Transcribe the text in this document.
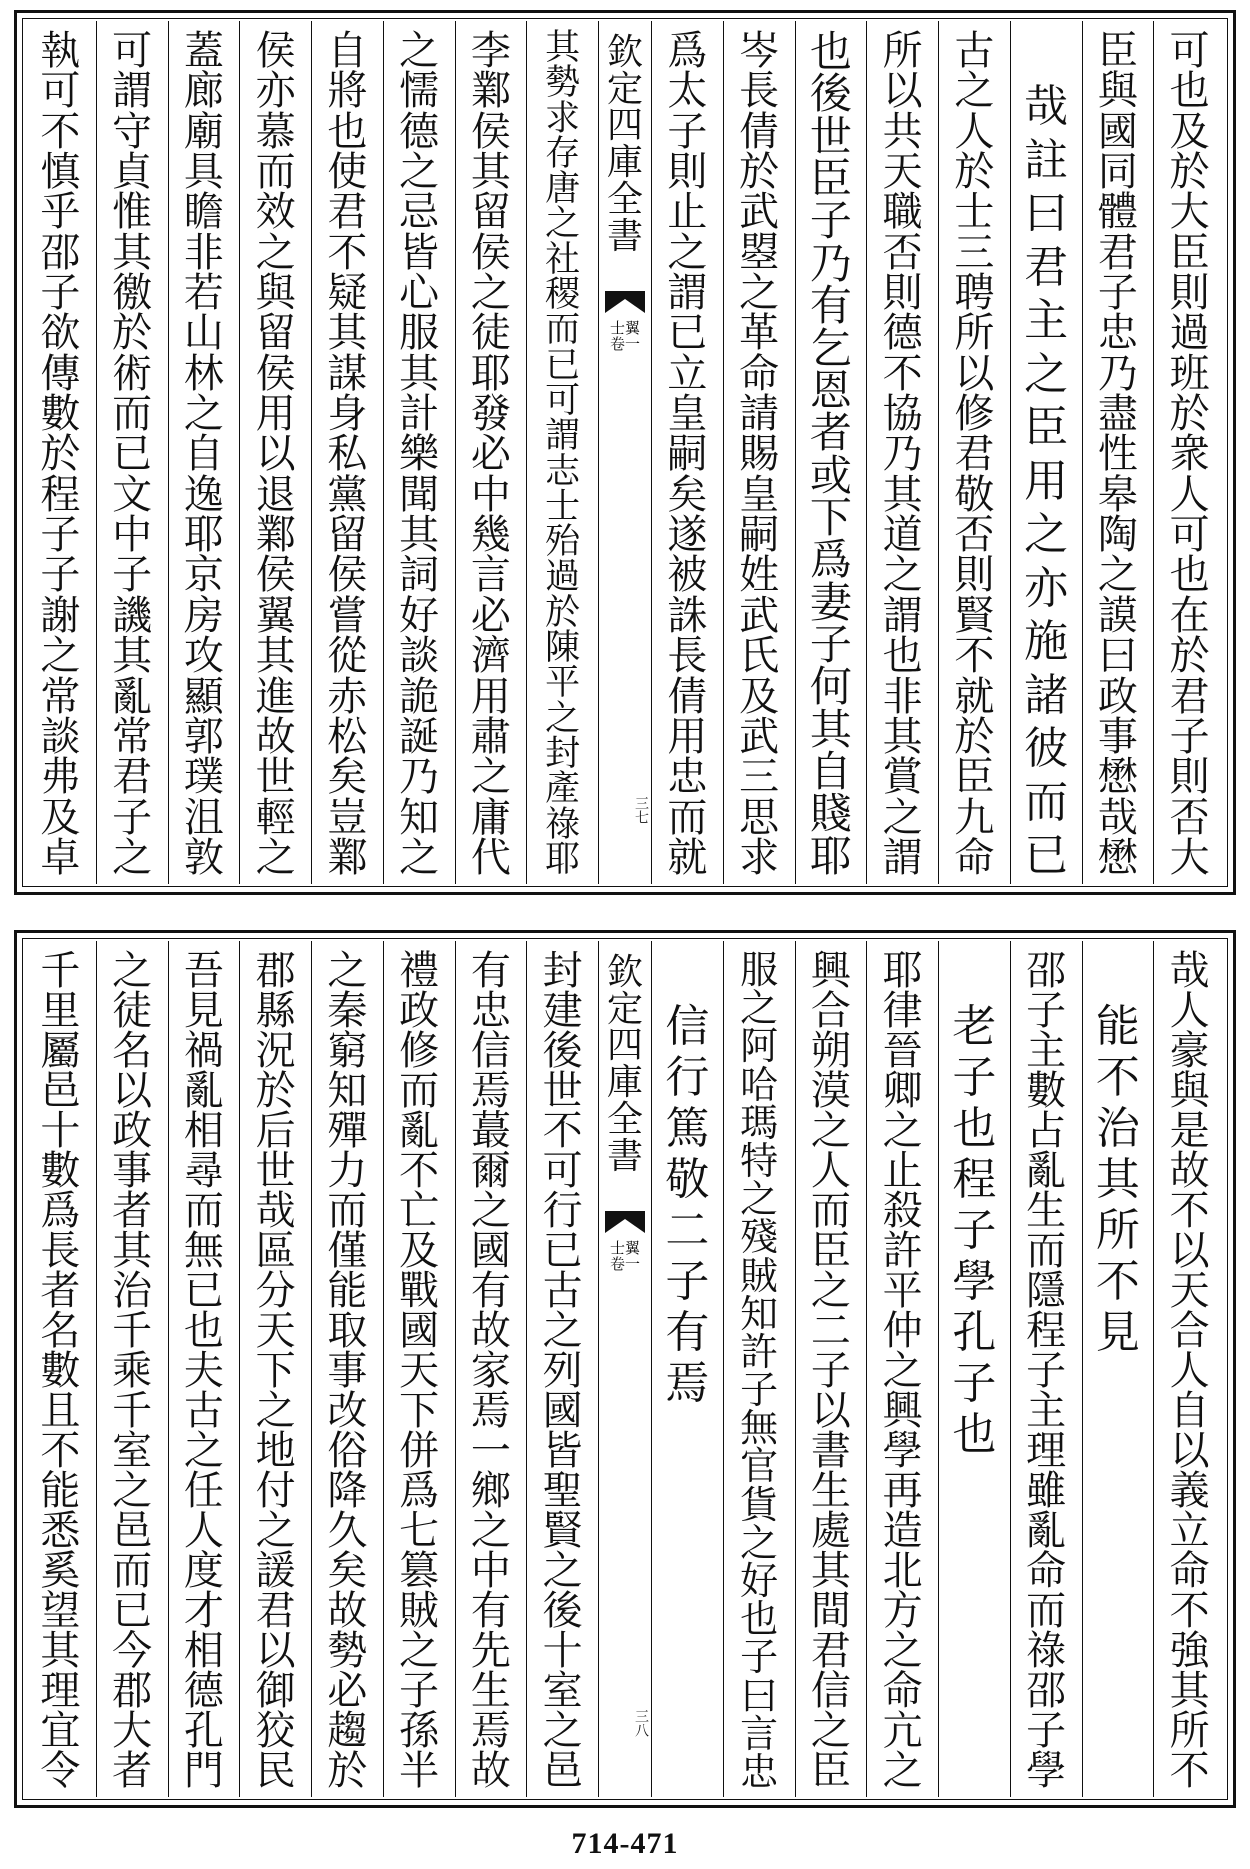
可
也
及
於
大
臣
則
過
班
於
衆
人
可
也
在
於
君
子
則
否
大
臣
與
國
同
體
君
子
忠
乃
盡
性
皋
陶
之
謨
曰
政
事
懋
哉
懋
哉
註
曰
君
主
之
臣
用
之
亦
施
諸
彼
而
已
古
之
人
於
士
三
聘
所
以
修
君
敬
否
則
賢
不
就
於
臣
九
命
所
以
共
天
職
否
則
德
不
協
乃
其
道
之
謂
也
非
其
賞
之
謂
也
後
世
臣
子
乃
有
乞
恩
者
或
下
爲
妻
子
何
其
自
賤
耶
岑
長
倩
於
武
曌
之
革
命
請
賜
皇
嗣
姓
武
氏
及
武
三
思
求
爲
太
子
則
止
之
謂
已
立
皇
嗣
矣
遂
被
誅
長
倩
用
忠
而
就
欽
定
四
庫
全
書
士翼
卷一
三七
其
勢
求
存
唐
之
社
稷
而
已
可
謂
志
士
殆
過
於
陳
平
之
封
產
祿
耶
李
鄴
侯
其
留
侯
之
徒
耶
發
必
中
幾
言
必
濟
用
肅
之
庸
代
之
懦
德
之
忌
皆
心
服
其
計
樂
聞
其
詞
好
談
詭
誕
乃
知
之
自
將
也
使
君
不
疑
其
謀
身
私
黨
留
侯
嘗
從
赤
松
矣
豈
鄴
侯
亦
慕
而
效
之
與
留
侯
用
以
退
鄴
侯
翼
其
進
故
世
輕
之
蓋
廊
廟
具
瞻
非
若
山
林
之
自
逸
耶
京
房
攻
顯
郭
璞
沮
敦
可
謂
守
貞
惟
其
徼
於
術
而
已
文
中
子
譏
其
亂
常
君
子
之
執
可
不
慎
乎
邵
子
欲
傳
數
於
程
子
子
謝
之
常
談
弗
及
卓
哉
人
豪
與
是
故
不
以
天
合
人
自
以
義
立
命
不
強
其
所
不
能
不
治
其
所
不
見
邵
子
主
數
占
亂
生
而
隱
程
子
主
理
雖
亂
命
而
祿
邵
子
學
老
子
也
程
子
學
孔
子
也
耶
律
晉
卿
之
止
殺
許
平
仲
之
興
學
再
造
北
方
之
命
亢
之
興
合
朔
漠
之
人
而
臣
之
二
子
以
書
生
處
其
間
君
信
之
臣
服
之
阿
哈
瑪
特
之
殘
賊
知
許
子
無
官
貨
之
好
也
子
曰
言
忠
信
行
篤
敬
二
子
有
焉
欽
定
四
庫
全
書
士翼
卷一
三八
封
建
後
世
不
可
行
已
古
之
列
國
皆
聖
賢
之
後
十
室
之
邑
有
忠
信
焉
蕞
爾
之
國
有
故
家
焉
一
鄉
之
中
有
先
生
焉
故
禮
政
修
而
亂
不
亡
及
戰
國
天
下
併
爲
七
篡
賊
之
子
孫
半
之
秦
窮
知
殫
力
而
僅
能
取
事
改
俗
降
久
矣
故
勢
必
趨
於
郡
縣
況
於
后
世
哉
區
分
天
下
之
地
付
之
諼
君
以
御
狡
民
吾
見
禍
亂
相
尋
而
無
已
也
夫
古
之
任
人
度
才
相
德
孔
門
之
徒
名
以
政
事
者
其
治
千
乘
千
室
之
邑
而
已
今
郡
大
者
千
里
屬
邑
十
數
爲
長
者
名
數
且
不
能
悉
奚
望
其
理
宜
令
714-471
